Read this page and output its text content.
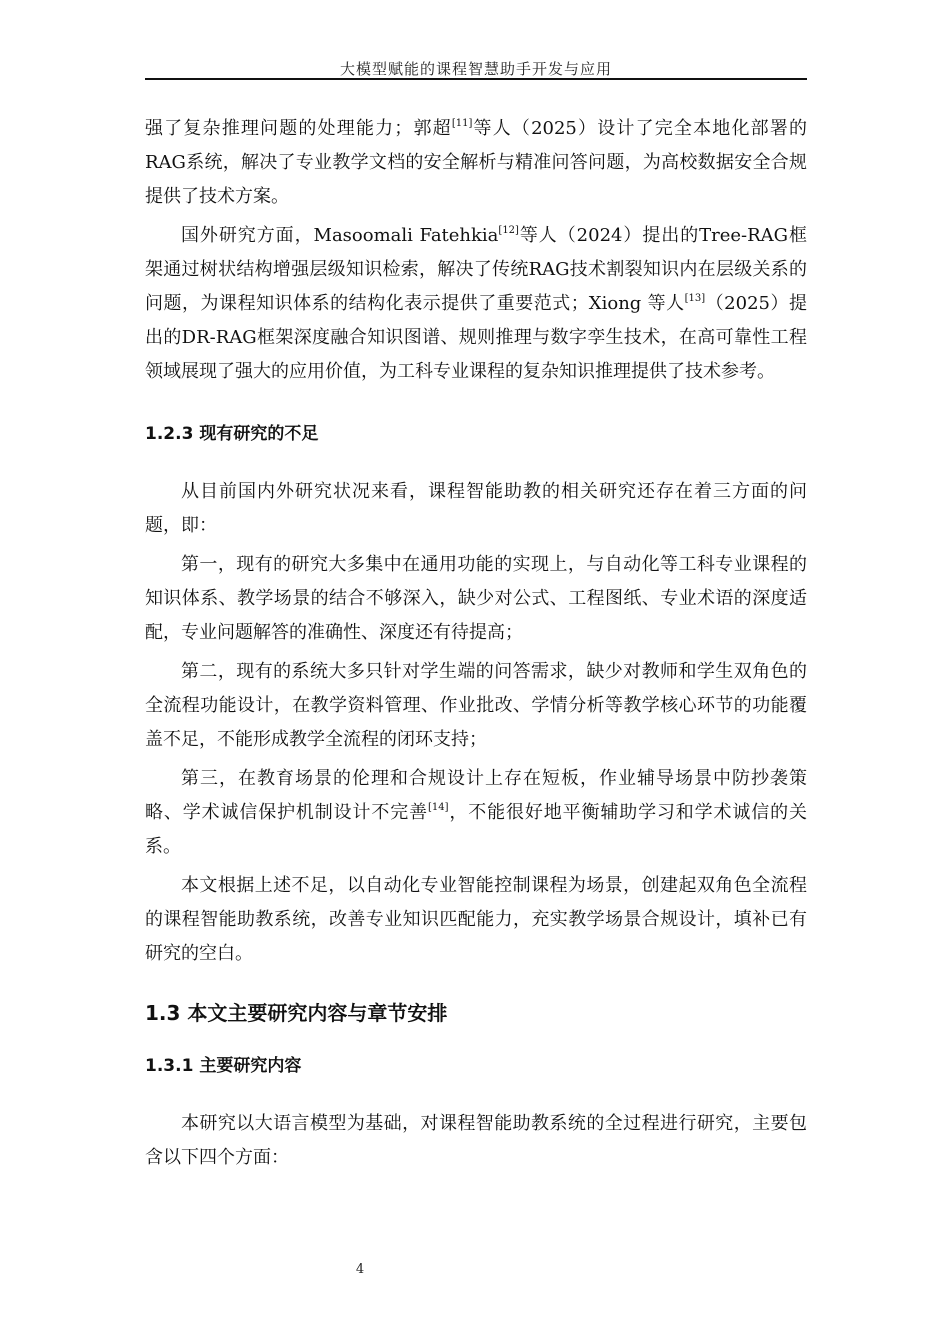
大模型赋能的课程智慧助手开发与应用

强了复杂推理问题的处理能力；郭超[11]等人（2025）设计了完全本地化部署的RAG系统，解决了专业教学文档的安全解析与精准问答问题，为高校数据安全合规提供了技术方案。

国外研究方面，Masoomali Fatehkia[12]等人（2024）提出的Tree-RAG框架通过树状结构增强层级知识检索，解决了传统RAG技术割裂知识内在层级关系的问题，为课程知识体系的结构化表示提供了重要范式；Xiong 等人[13]（2025）提出的DR-RAG框架深度融合知识图谱、规则推理与数字孪生技术，在高可靠性工程领域展现了强大的应用价值，为工科专业课程的复杂知识推理提供了技术参考。

1.2.3 现有研究的不足

从目前国内外研究状况来看，课程智能助教的相关研究还存在着三方面的问题，即：

第一，现有的研究大多集中在通用功能的实现上，与自动化等工科专业课程的知识体系、教学场景的结合不够深入，缺少对公式、工程图纸、专业术语的深度适配，专业问题解答的准确性、深度还有待提高；

第二，现有的系统大多只针对学生端的问答需求，缺少对教师和学生双角色的全流程功能设计，在教学资料管理、作业批改、学情分析等教学核心环节的功能覆盖不足，不能形成教学全流程的闭环支持；

第三，在教育场景的伦理和合规设计上存在短板，作业辅导场景中防抄袭策略、学术诚信保护机制设计不完善[14]，不能很好地平衡辅助学习和学术诚信的关系。

本文根据上述不足，以自动化专业智能控制课程为场景，创建起双角色全流程的课程智能助教系统，改善专业知识匹配能力，充实教学场景合规设计，填补已有研究的空白。

1.3 本文主要研究内容与章节安排
1.3.1 主要研究内容

本研究以大语言模型为基础，对课程智能助教系统的全过程进行研究，主要包含以下四个方面：

4
